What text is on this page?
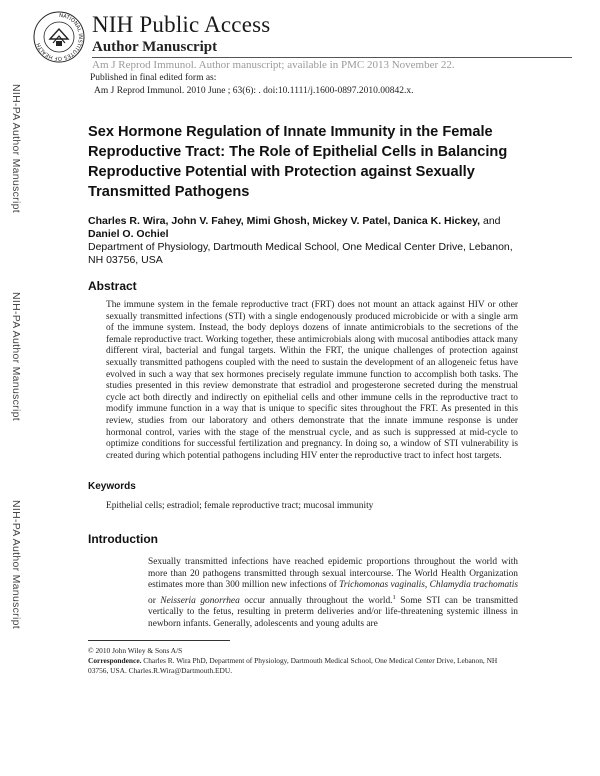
NATIONAL INSTITUTES OF HEALTH
NIH Public Access
Author Manuscript
Am J Reprod Immunol. Author manuscript; available in PMC 2013 November 22.
Published in final edited form as:
Am J Reprod Immunol. 2010 June ; 63(6): . doi:10.1111/j.1600-0897.2010.00842.x.
NIH-PA Author Manuscript
NIH-PA Author Manuscript
NIH-PA Author Manuscript
Sex Hormone Regulation of Innate Immunity in the Female Reproductive Tract: The Role of Epithelial Cells in Balancing Reproductive Potential with Protection against Sexually Transmitted Pathogens
Charles R. Wira, John V. Fahey, Mimi Ghosh, Mickey V. Patel, Danica K. Hickey, and Daniel O. Ochiel
Department of Physiology, Dartmouth Medical School, One Medical Center Drive, Lebanon, NH 03756, USA
Abstract
The immune system in the female reproductive tract (FRT) does not mount an attack against HIV or other sexually transmitted infections (STI) with a single endogenously produced microbicide or with a single arm of the immune system. Instead, the body deploys dozens of innate antimicrobials to the secretions of the female reproductive tract. Working together, these antimicrobials along with mucosal antibodies attack many different viral, bacterial and fungal targets. Within the FRT, the unique challenges of protection against sexually transmitted pathogens coupled with the need to sustain the development of an allogeneic fetus have evolved in such a way that sex hormones precisely regulate immune function to accomplish both tasks. The studies presented in this review demonstrate that estradiol and progesterone secreted during the menstrual cycle act both directly and indirectly on epithelial cells and other immune cells in the reproductive tract to modify immune function in a way that is unique to specific sites throughout the FRT. As presented in this review, studies from our laboratory and others demonstrate that the innate immune response is under hormonal control, varies with the stage of the menstrual cycle, and as such is suppressed at mid-cycle to optimize conditions for successful fertilization and pregnancy. In doing so, a window of STI vulnerability is created during which potential pathogens including HIV enter the reproductive tract to infect host targets.
Keywords
Epithelial cells; estradiol; female reproductive tract; mucosal immunity
Introduction
Sexually transmitted infections have reached epidemic proportions throughout the world with more than 20 pathogens transmitted through sexual intercourse. The World Health Organization estimates more than 300 million new infections of Trichomonas vaginalis, Chlamydia trachomatis or Neisseria gonorrhea occur annually throughout the world.$^1$ Some STI can be transmitted vertically to the fetus, resulting in preterm deliveries and/or life-threatening systemic illness in newborn infants. Generally, adolescents and young adults are
© 2010 John Wiley & Sons A/S
Correspondence. Charles R. Wira PhD, Department of Physiology, Dartmouth Medical School, One Medical Center Drive, Lebanon, NH 03756, USA. Charles.R.Wira@Dartmouth.EDU.
